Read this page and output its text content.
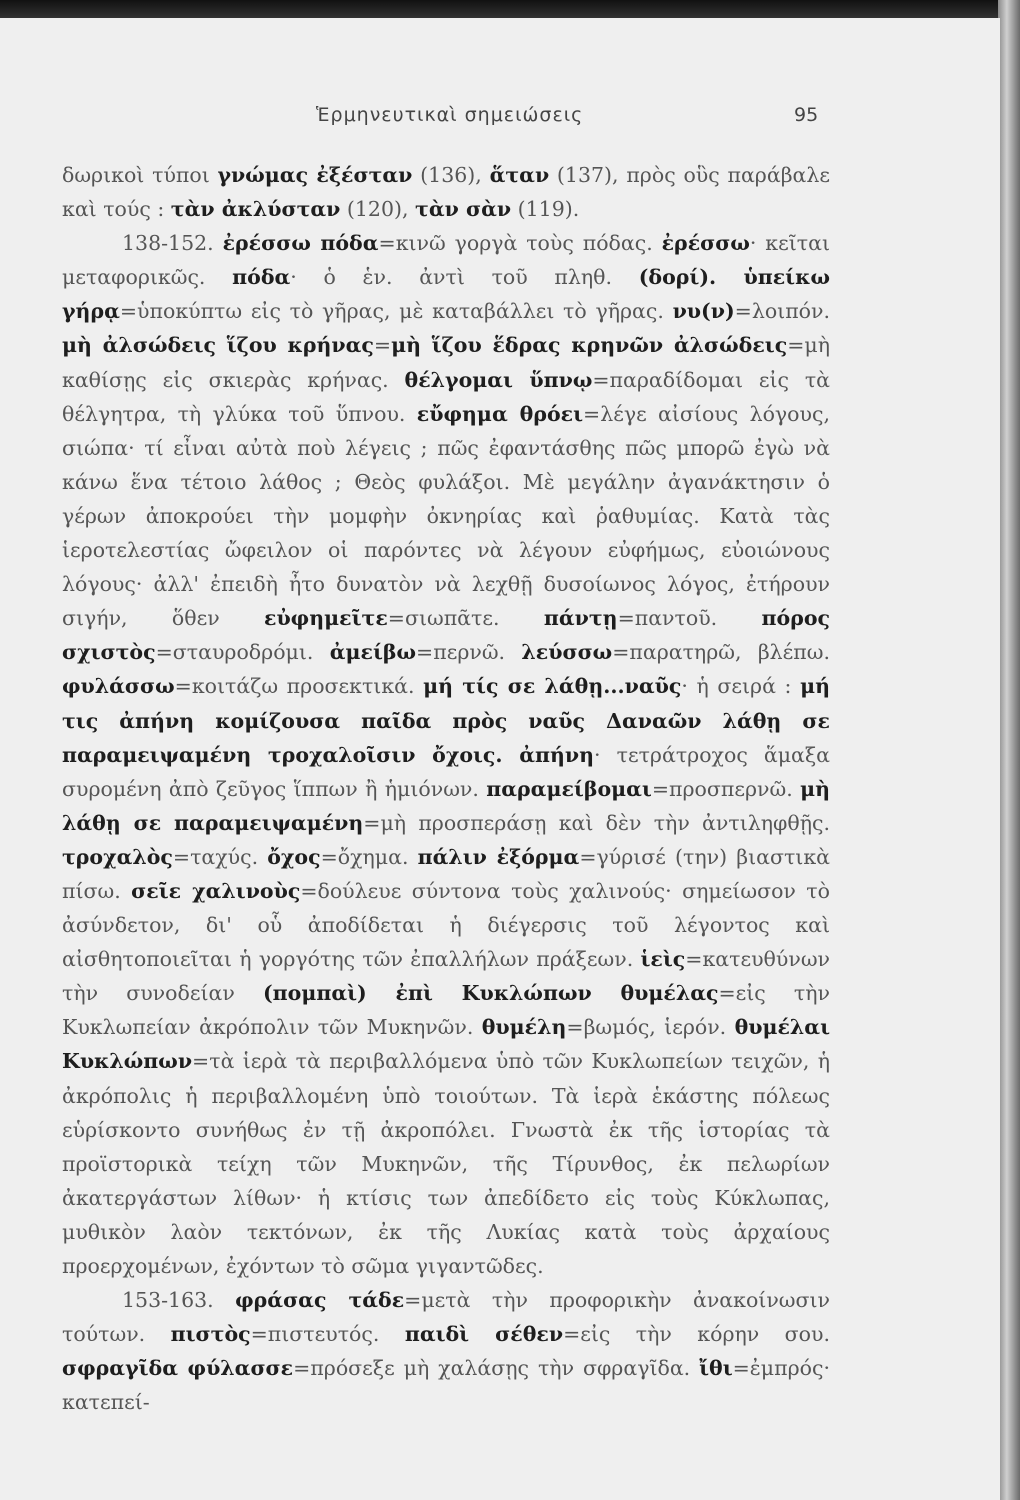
Ἑρμηνευτικαὶ σημειώσεις	95

δωρικοὶ τύποι γνώμας ἐξέσταν (136), ἅταν (137), πρὸς οὓς παράβαλε καὶ τούς : τὰν ἀκλύσταν (120), τὰν σὰν (119).

138-152. ἐρέσσω πόδα=κινῶ γοργὰ τοὺς πόδας. ἐρέσσω· κεῖται μεταφορικῶς. πόδα· ὁ ἑν. ἀντὶ τοῦ πληθ. (δορί). ὑπείκω γήρᾳ=ὑποκύπτω εἰς τὸ γῆρας, μὲ καταβάλλει τὸ γῆρας. νυ(ν)=λοιπόν. μὴ ἀλσώδεις ἵζου κρήνας=μὴ ἵζου ἕδρας κρηνῶν ἀλσώδεις=μὴ καθίσῃς εἰς σκιερὰς κρήνας. θέλγομαι ὕπνῳ=παραδίδομαι εἰς τὰ θέλγητρα, τὴ γλύκα τοῦ ὕπνου. εὔφημα θρόει=λέγε αἰσίους λόγους, σιώπα· τί εἶναι αὐτὰ ποὺ λέγεις ; πῶς ἐφαντάσθης πῶς μπορῶ ἐγὼ νὰ κάνω ἕνα τέτοιο λάθος ; Θεὸς φυλάξοι. Μὲ μεγάλην ἀγανάκτησιν ὁ γέρων ἀποκρούει τὴν μομφὴν ὀκνηρίας καὶ ῥαθυμίας. Κατὰ τὰς ἱεροτελεστίας ὤφειλον οἱ παρόντες νὰ λέγουν εὐφήμως, εὐοιώνους λόγους· ἀλλ' ἐπειδὴ ἦτο δυνατὸν νὰ λεχθῇ δυσοίωνος λόγος, ἐτήρουν σιγήν, ὅθεν εὐφημεῖτε=σιωπᾶτε. πάντῃ=παντοῦ. πόρος σχιστὸς=σταυροδρόμι. ἀμείβω=περνῶ. λεύσσω=παρατηρῶ, βλέπω. φυλάσσω=κοιτάζω προσεκτικά. μή τίς σε λάθῃ...ναῦς· ἡ σειρά : μή τις ἀπήνη κομίζουσα παῖδα πρὸς ναῦς Δαναῶν λάθῃ σε παραμειψαμένη τροχαλοῖσιν ὄχοις. ἀπήνη· τετράτροχος ἅμαξα συρομένη ἀπὸ ζεῦγος ἵππων ἢ ἡμιόνων. παραμείβομαι=προσπερνῶ. μὴ λάθῃ σε παραμειψαμένη=μὴ προσπεράσῃ καὶ δὲν τὴν ἀντιληφθῇς. τροχαλὸς=ταχύς. ὄχος=ὄχημα. πάλιν ἐξόρμα=γύρισέ (την) βιαστικὰ πίσω. σεῖε χαλινοὺς=δούλευε σύντονα τοὺς χαλινούς· σημείωσον τὸ ἀσύνδετον, δι' οὗ ἀποδίδεται ἡ διέγερσις τοῦ λέγοντος καὶ αἰσθητοποιεῖται ἡ γοργότης τῶν ἐπαλλήλων πράξεων. ἱεὶς=κατευθύνων τὴν συνοδείαν (πομπαὶ) ἐπὶ Κυκλώπων θυμέλας=εἰς τὴν Κυκλωπείαν ἀκρόπολιν τῶν Μυκηνῶν. θυμέλη=βωμός, ἱερόν. θυμέλαι Κυκλώπων=τὰ ἱερὰ τὰ περιβαλλόμενα ὑπὸ τῶν Κυκλωπείων τειχῶν, ἡ ἀκρόπολις ἡ περιβαλλομένη ὑπὸ τοιούτων. Τὰ ἱερὰ ἑκάστης πόλεως εὑρίσκοντο συνήθως ἐν τῇ ἀκροπόλει. Γνωστὰ ἐκ τῆς ἱστορίας τὰ προϊστορικὰ τείχη τῶν Μυκηνῶν, τῆς Τίρυνθος, ἐκ πελωρίων ἀκατεργάστων λίθων· ἡ κτίσις των ἀπεδίδετο εἰς τοὺς Κύκλωπας, μυθικὸν λαὸν τεκτόνων, ἐκ τῆς Λυκίας κατὰ τοὺς ἀρχαίους προερχομένων, ἐχόντων τὸ σῶμα γιγαντῶδες.

153-163. φράσας τάδε=μετὰ τὴν προφορικὴν ἀνακοίνωσιν τούτων. πιστὸς=πιστευτός. παιδὶ σέθεν=εἰς τὴν κόρην σου. σφραγῖδα φύλασσε=πρόσεξε μὴ χαλάσῃς τὴν σφραγῖδα. ἴθι=ἐμπρός· κατεπεί-
